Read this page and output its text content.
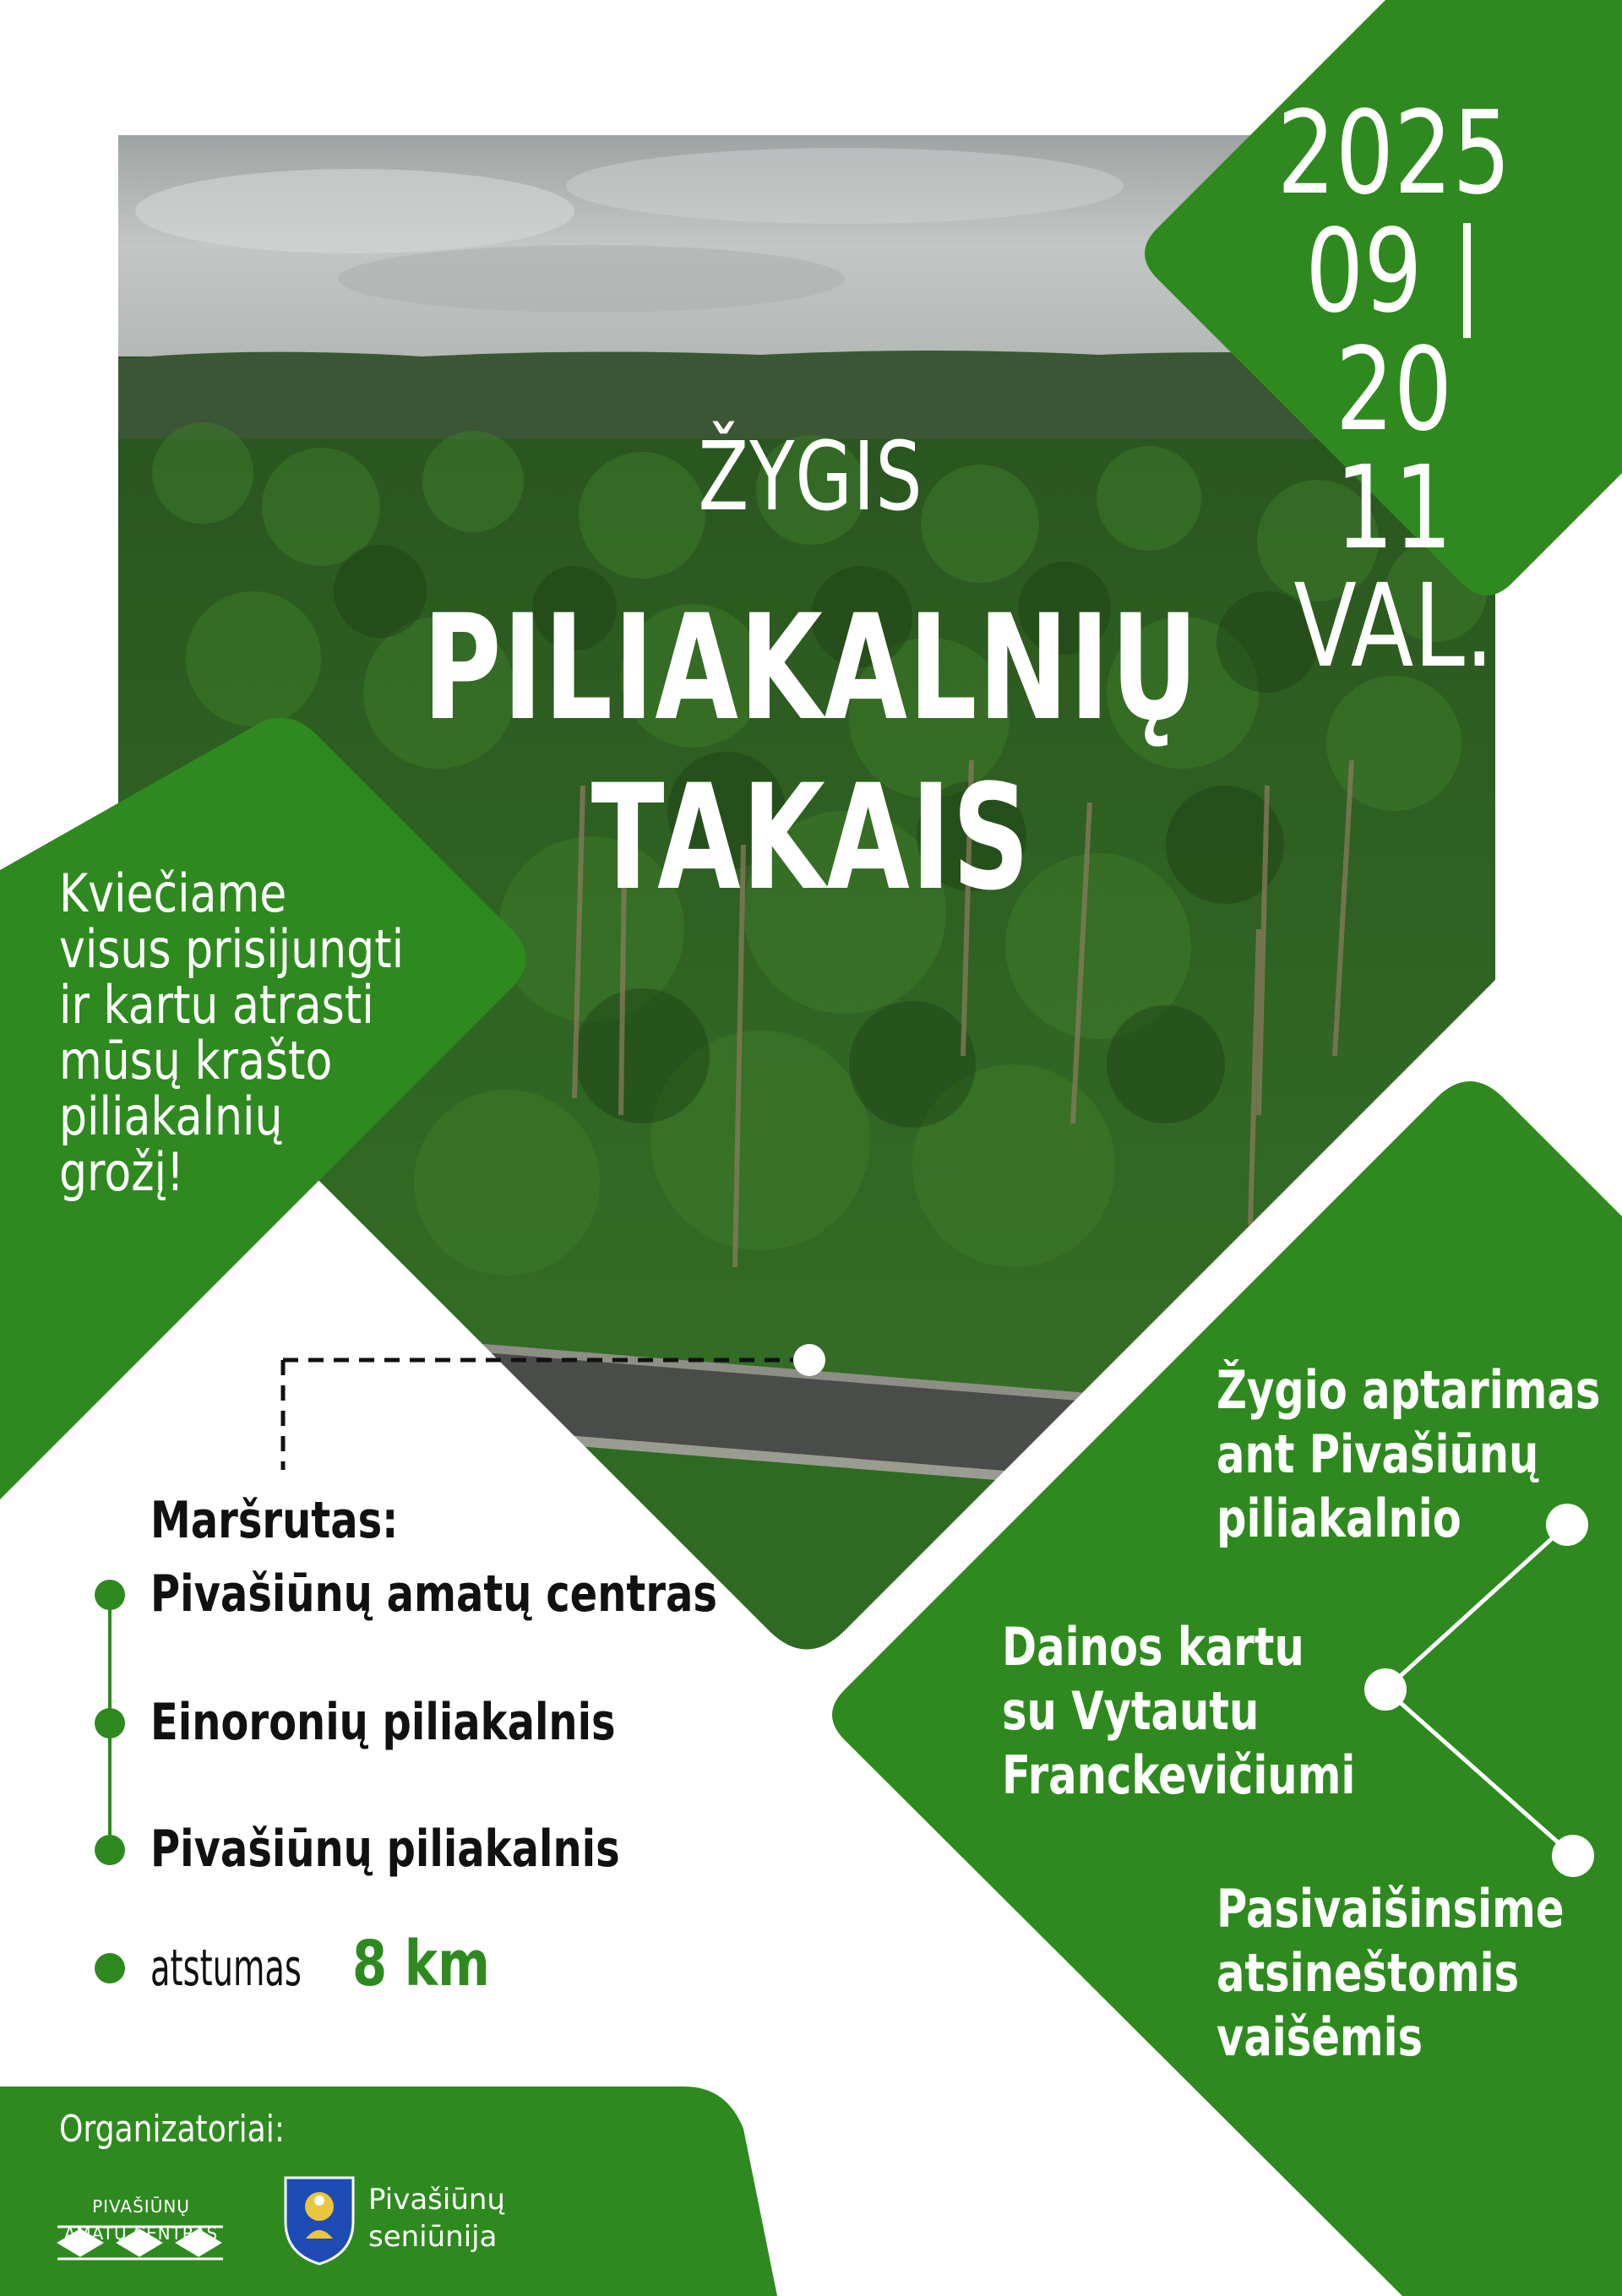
ŽYGIS
PILIAKALNIŲ TAKAIS
2025
09 | 20
11 VAL.
Kviečiame
visus prisijungti
ir kartu atrasti
mūsų krašto
piliakalnių
grožį!
Maršrutas:
Pivašiūnų amatų centras
Einoronių piliakalnis
Pivašiūnų piliakalnis
atstumas 8 km
Žygio aptarimas
ant Pivašiūnų
piliakalnio
Dainos kartu
su Vytautu
Franckevičiumi
Pasivaišinsime
atsineštomis
vaišėmis
Organizatoriai:
PIVAŠIŪNŲ
AMATŲ CENTRAS
Pivašiūnų
seniūnija
